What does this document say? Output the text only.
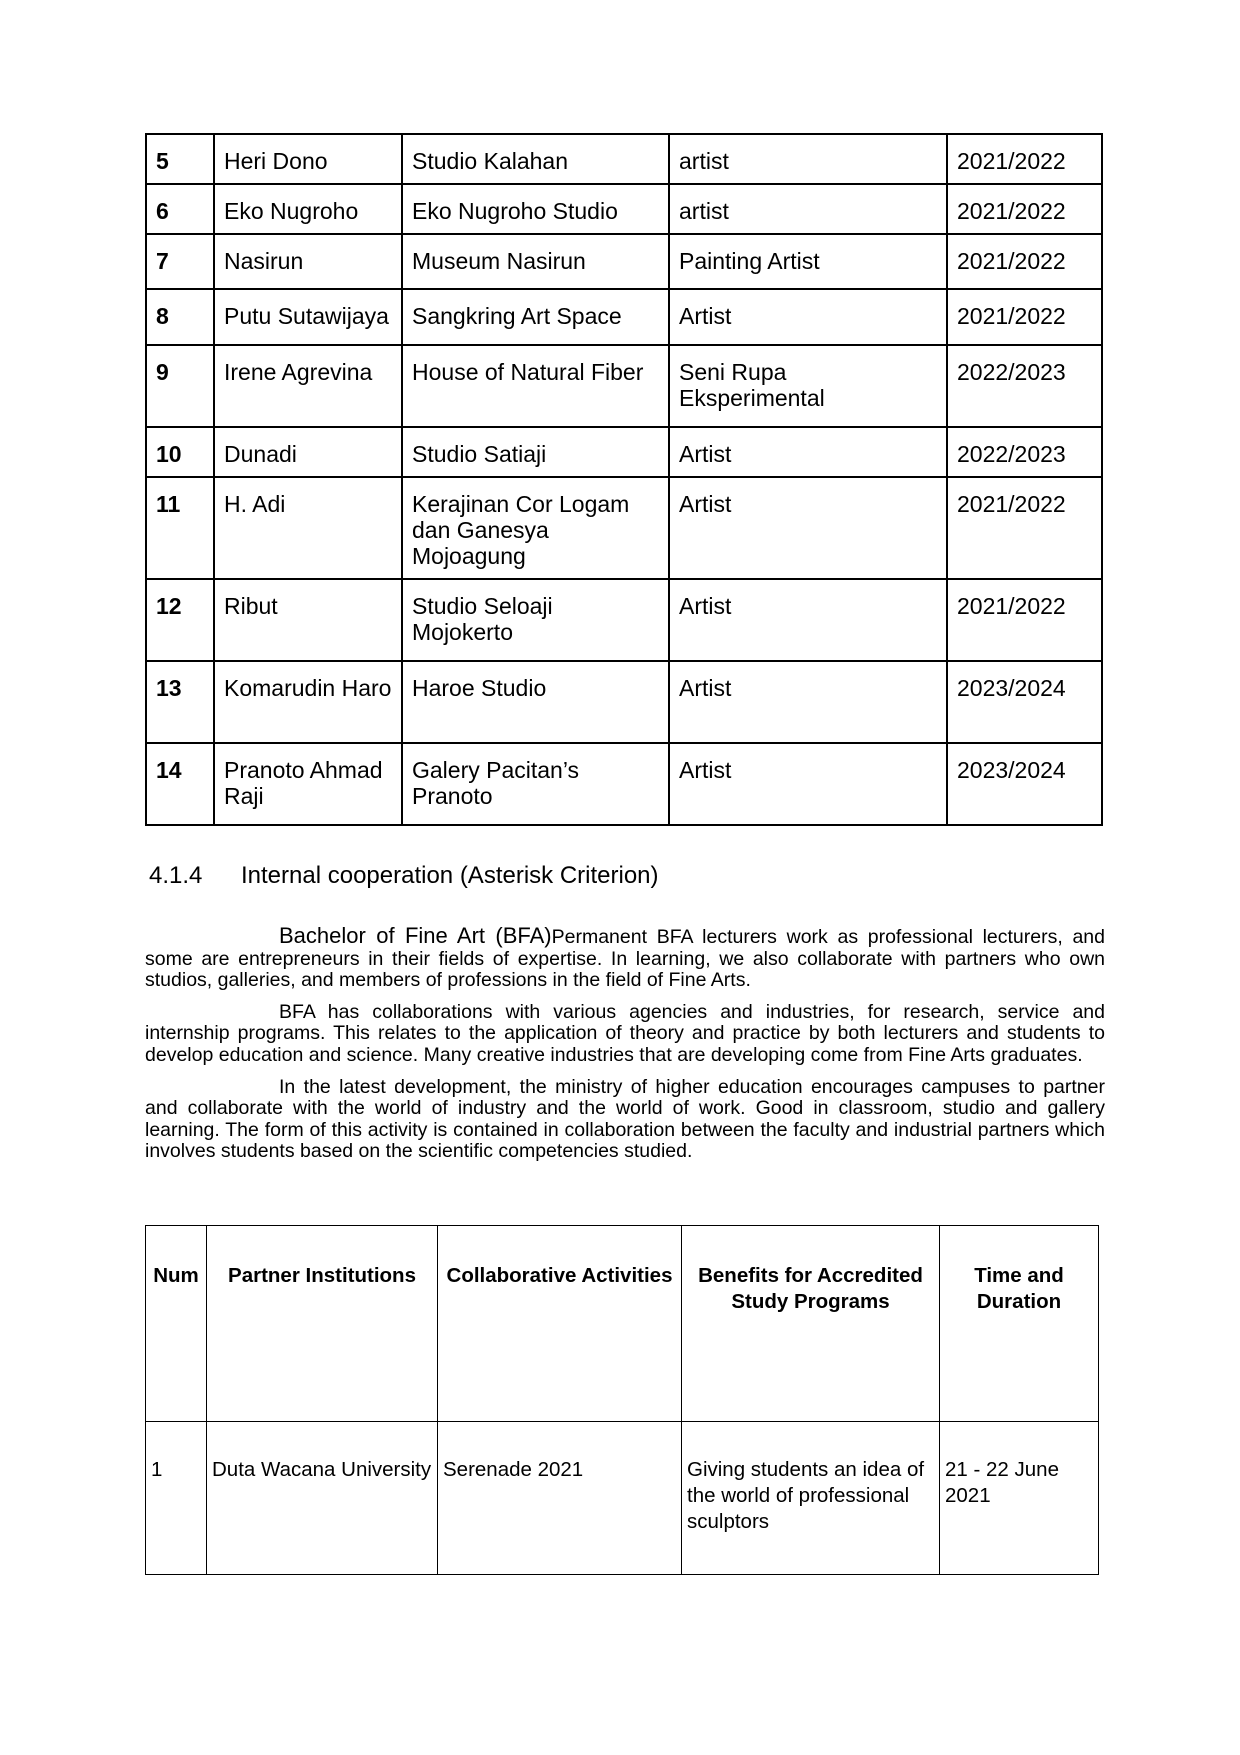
5	Heri Dono	Studio Kalahan	artist	2021/2022
6	Eko Nugroho	Eko Nugroho Studio	artist	2021/2022
7	Nasirun	Museum Nasirun	Painting Artist	2021/2022
8	Putu Sutawijaya	Sangkring Art Space	Artist	2021/2022
9	Irene Agrevina	House of Natural Fiber	Seni Rupa Eksperimental	2022/2023
10	Dunadi	Studio Satiaji	Artist	2022/2023
11	H. Adi	Kerajinan Cor Logam dan Ganesya Mojoagung	Artist	2021/2022
12	Ribut	Studio Seloaji Mojokerto	Artist	2021/2022
13	Komarudin Haro	Haroe Studio	Artist	2023/2024
14	Pranoto Ahmad Raji	Galery Pacitan’s Pranoto	Artist	2023/2024
4.1.4 Internal cooperation (Asterisk Criterion)

Bachelor of Fine Art (BFA)Permanent BFA lecturers work as professional lecturers, and some are entrepreneurs in their fields of expertise. In learning, we also collaborate with partners who own studios, galleries, and members of professions in the field of Fine Arts.

BFA has collaborations with various agencies and industries, for research, service and internship programs. This relates to the application of theory and practice by both lecturers and students to develop education and science. Many creative industries that are developing come from Fine Arts graduates.

In the latest development, the ministry of higher education encourages campuses to partner and collaborate with the world of industry and the world of work. Good in classroom, studio and gallery learning. The form of this activity is contained in collaboration between the faculty and industrial partners which involves students based on the scientific competencies studied.

Num	Partner Institutions	Collaborative Activities	Benefits for Accredited Study Programs	Time and Duration
1	Duta Wacana University	Serenade 2021	Giving students an idea of the world of professional sculptors	21 - 22 June 2021
